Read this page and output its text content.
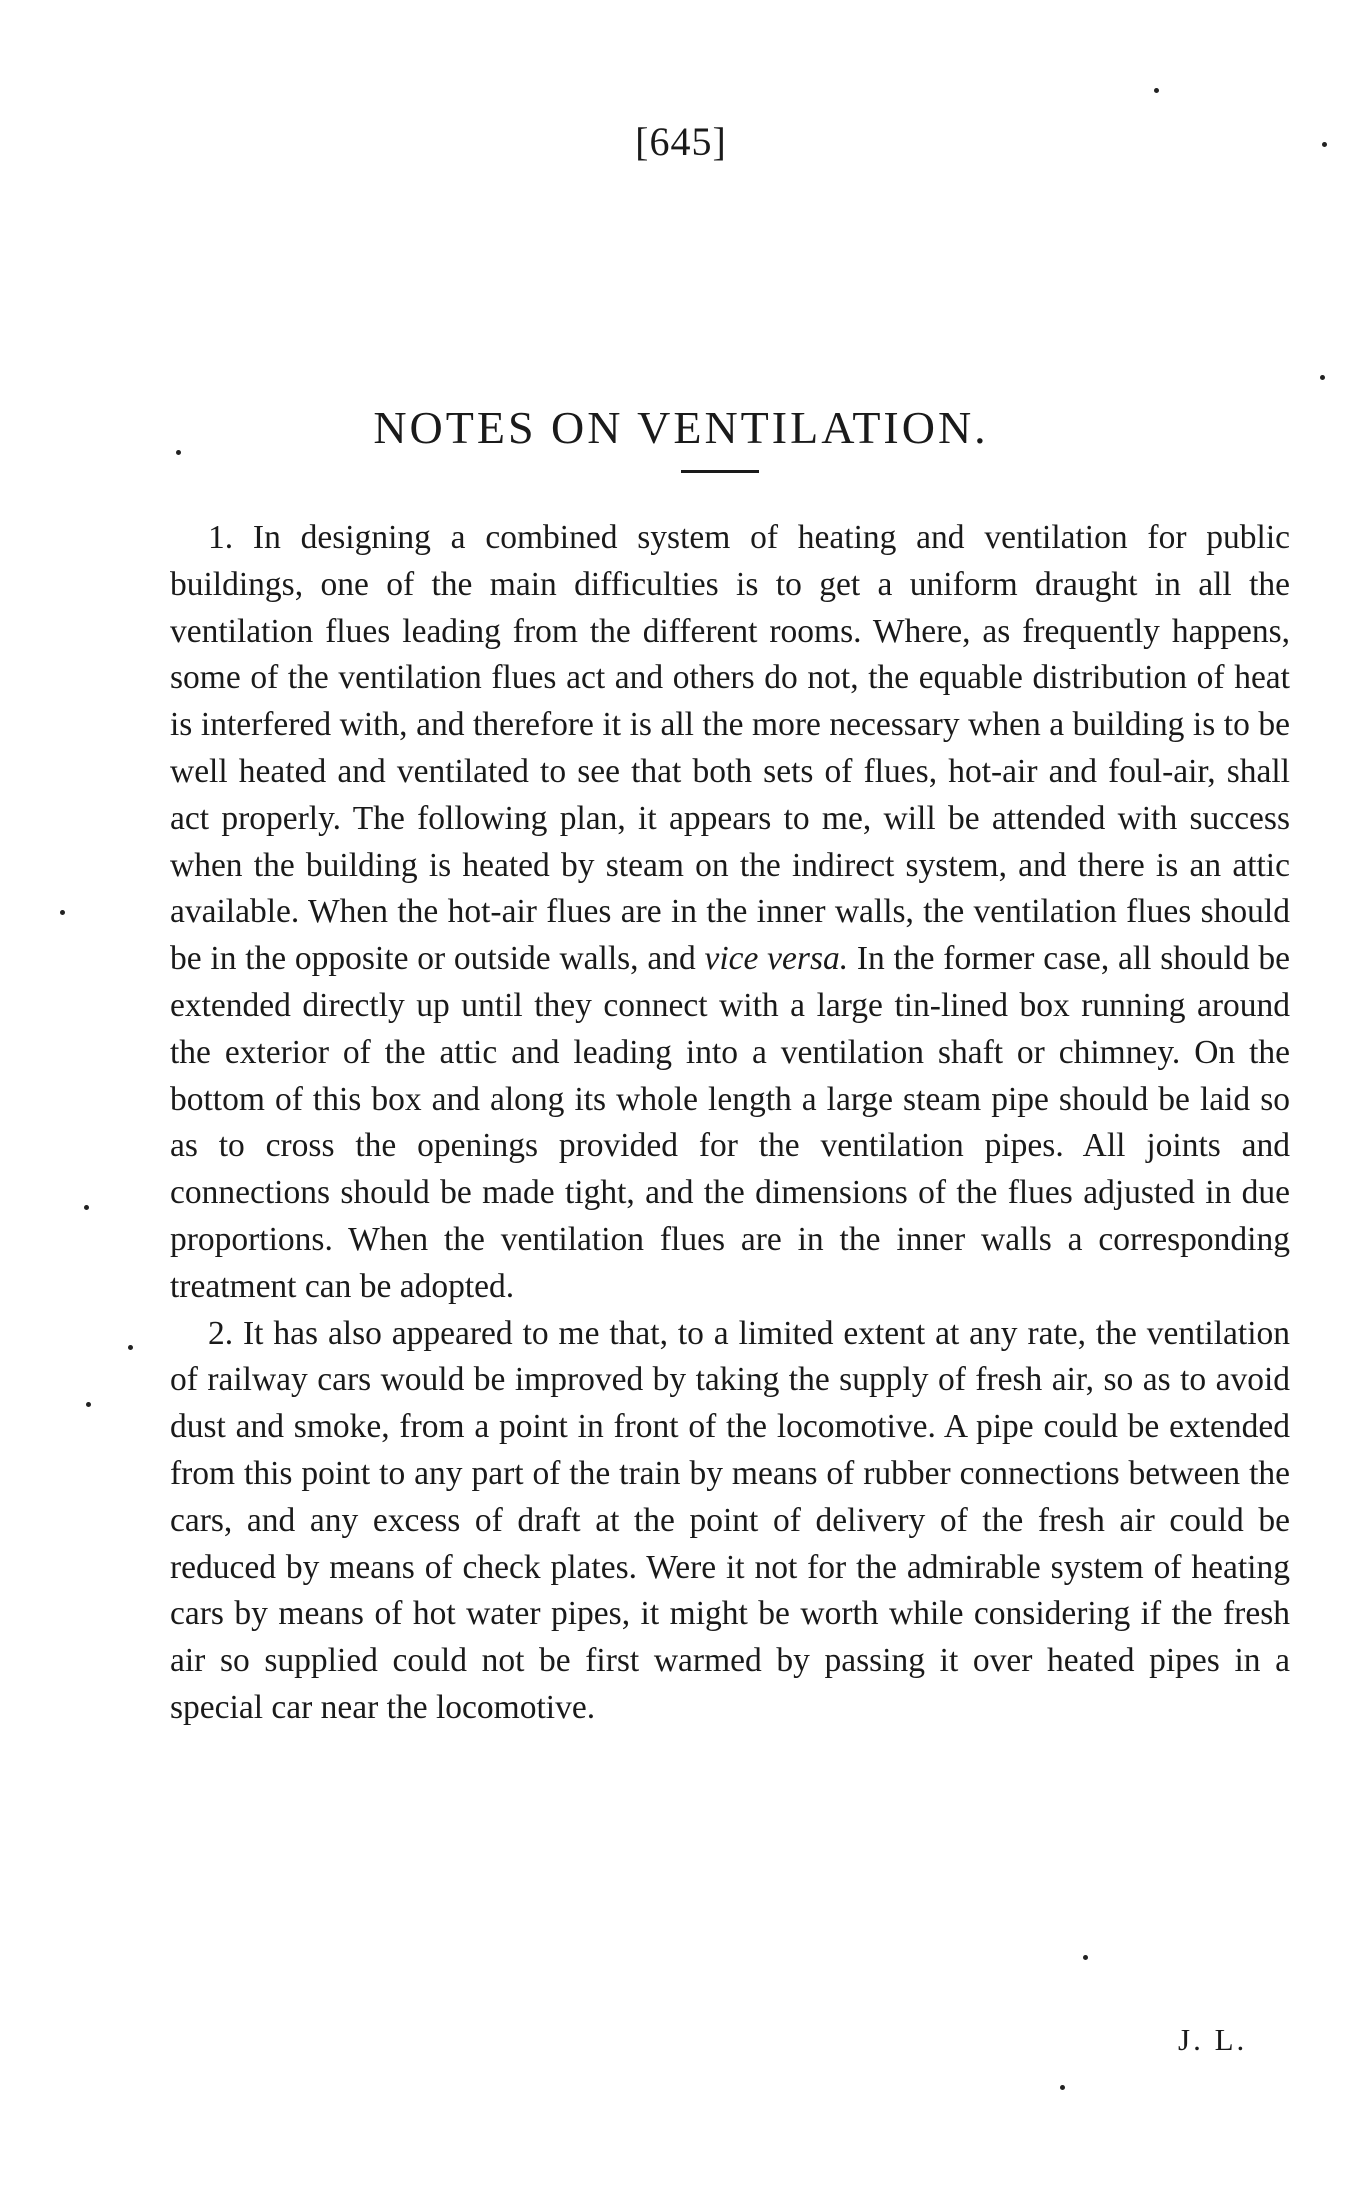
[645]
NOTES ON VENTILATION.

1. In designing a combined system of heating and ventilation for public buildings, one of the main difficulties is to get a uniform draught in all the ventilation flues leading from the different rooms. Where, as frequently happens, some of the ventilation flues act and others do not, the equable distribution of heat is interfered with, and therefore it is all the more necessary when a building is to be well heated and ventilated to see that both sets of flues, hot-air and foul-air, shall act properly. The following plan, it appears to me, will be attended with success when the building is heated by steam on the indirect system, and there is an attic available. When the hot-air flues are in the inner walls, the ventilation flues should be in the opposite or outside walls, and vice versa. In the former case, all should be extended directly up until they connect with a large tin-lined box running around the exterior of the attic and leading into a ventilation shaft or chimney. On the bottom of this box and along its whole length a large steam pipe should be laid so as to cross the openings provided for the ventilation pipes. All joints and connections should be made tight, and the dimensions of the flues adjusted in due proportions. When the ventilation flues are in the inner walls a corresponding treatment can be adopted.

2. It has also appeared to me that, to a limited extent at any rate, the ventilation of railway cars would be improved by taking the supply of fresh air, so as to avoid dust and smoke, from a point in front of the locomotive. A pipe could be extended from this point to any part of the train by means of rubber connections between the cars, and any excess of draft at the point of delivery of the fresh air could be reduced by means of check plates. Were it not for the admirable system of heating cars by means of hot water pipes, it might be worth while considering if the fresh air so supplied could not be first warmed by passing it over heated pipes in a special car near the locomotive.

J. L.
